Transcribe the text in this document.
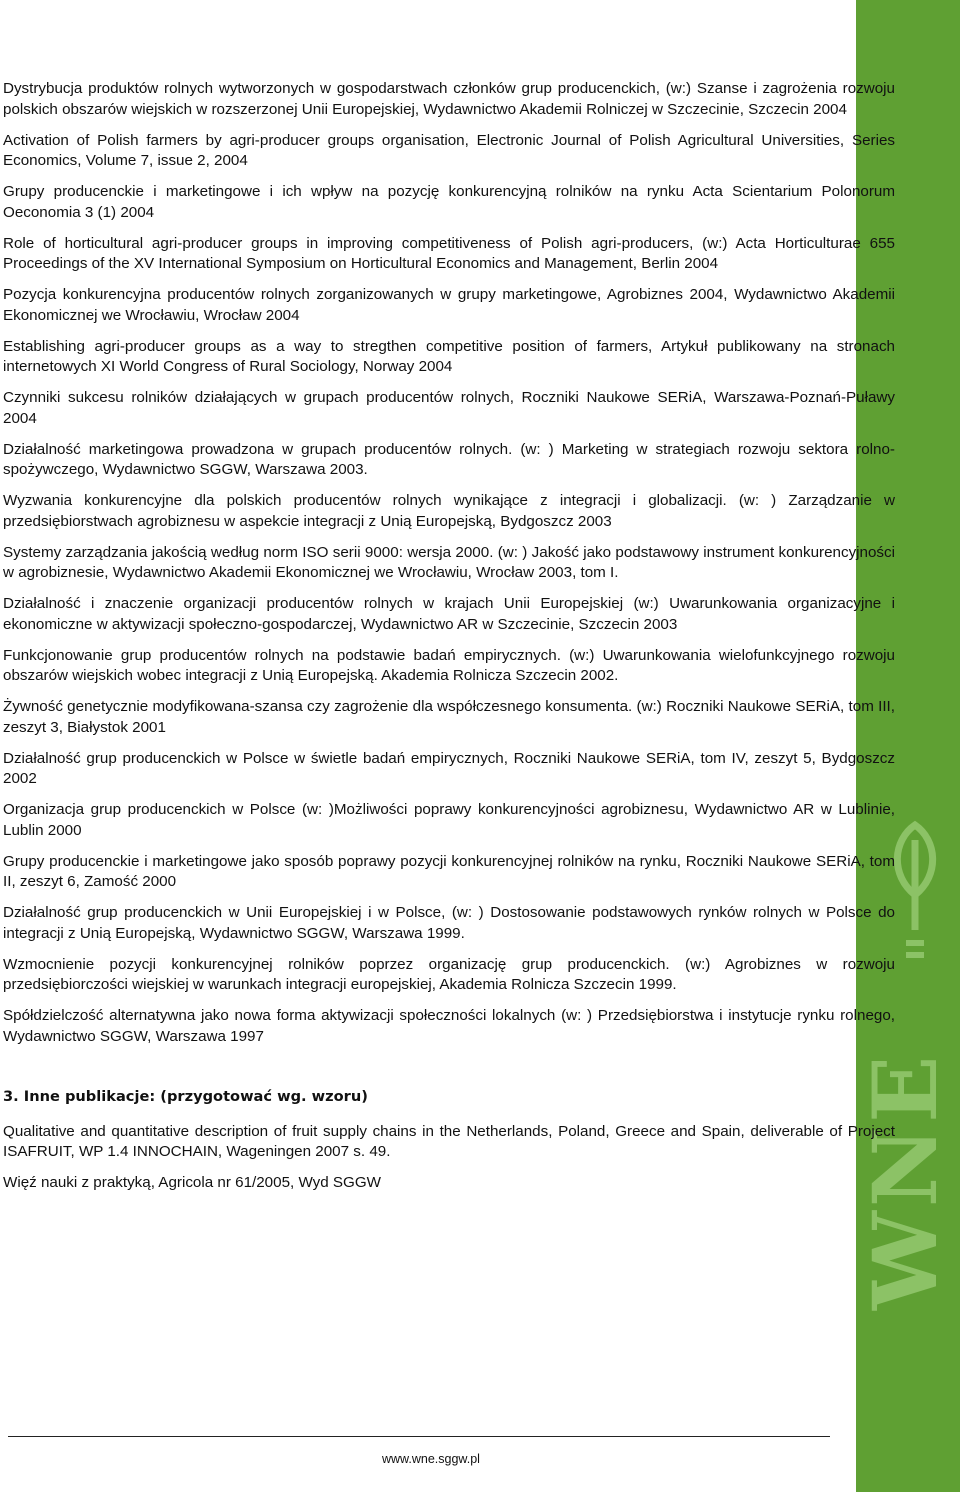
WNE

Dystrybucja produktów rolnych wytworzonych w gospodarstwach członków grup producenckich, (w:) Szanse i zagrożenia rozwoju polskich obszarów wiejskich w rozszerzonej Unii Europejskiej, Wydawnictwo Akademii Rolniczej w Szczecinie, Szczecin 2004

Activation of Polish farmers by agri-producer groups organisation, Electronic Journal of Polish Agricultural Universities, Series Economics, Volume 7, issue 2, 2004

Grupy producenckie i marketingowe i ich wpływ na pozycję konkurencyjną rolników na rynku Acta Scientarium Polonorum Oeconomia 3 (1) 2004

Role of horticultural agri-producer groups in improving competitiveness of Polish agri-producers, (w:) Acta Horticulturae 655 Proceedings of the XV International Symposium on Horticultural Economics and Management, Berlin 2004

Pozycja konkurencyjna producentów rolnych zorganizowanych w grupy marketingowe, Agrobiznes 2004, Wydawnictwo Akademii Ekonomicznej we Wrocławiu, Wrocław 2004

Establishing agri-producer groups as a way to stregthen competitive position of farmers, Artykuł publikowany na stronach internetowych XI World Congress of Rural Sociology, Norway 2004

Czynniki sukcesu rolników działających w grupach producentów rolnych, Roczniki Naukowe SERiA, Warszawa-Poznań-Puławy 2004

Działalność marketingowa prowadzona w grupach producentów rolnych. (w: ) Marketing w strategiach rozwoju sektora rolno-spożywczego, Wydawnictwo SGGW, Warszawa 2003.

Wyzwania konkurencyjne dla polskich producentów rolnych wynikające z integracji i globalizacji. (w: ) Zarządzanie w przedsiębiorstwach agrobiznesu w aspekcie integracji z Unią Europejską, Bydgoszcz 2003

Systemy zarządzania jakością według norm ISO serii 9000: wersja 2000. (w: ) Jakość jako podstawowy instrument konkurencyjności w agrobiznesie, Wydawnictwo Akademii Ekonomicznej we Wrocławiu, Wrocław 2003, tom I.

Działalność i znaczenie organizacji producentów rolnych w krajach Unii Europejskiej (w:) Uwarunkowania organizacyjne i ekonomiczne w aktywizacji społeczno-gospodarczej, Wydawnictwo AR w Szczecinie, Szczecin 2003

Funkcjonowanie grup producentów rolnych na podstawie badań empirycznych. (w:) Uwarunkowania wielofunkcyjnego rozwoju obszarów wiejskich wobec integracji z Unią Europejską. Akademia Rolnicza Szczecin 2002.

Żywność genetycznie modyfikowana-szansa czy zagrożenie dla współczesnego konsumenta. (w:) Roczniki Naukowe SERiA, tom III, zeszyt 3, Białystok 2001

Działalność grup producenckich w Polsce w świetle badań empirycznych, Roczniki Naukowe SERiA, tom IV, zeszyt 5, Bydgoszcz 2002

Organizacja grup producenckich w Polsce (w: )Możliwości poprawy konkurencyjności agrobiznesu, Wydawnictwo AR w Lublinie, Lublin 2000

Grupy producenckie i marketingowe jako sposób poprawy pozycji konkurencyjnej rolników na rynku, Roczniki Naukowe SERiA, tom II, zeszyt 6, Zamość 2000

Działalność grup producenckich w Unii Europejskiej i w Polsce, (w: ) Dostosowanie podstawowych rynków rolnych w Polsce do integracji z Unią Europejską, Wydawnictwo SGGW, Warszawa 1999.

Wzmocnienie pozycji konkurencyjnej rolników poprzez organizację grup producenckich. (w:) Agrobiznes w rozwoju przedsiębiorczości wiejskiej w warunkach integracji europejskiej, Akademia Rolnicza Szczecin 1999.

Spółdzielczość alternatywna jako nowa forma aktywizacji społeczności lokalnych (w: ) Przedsiębiorstwa i instytucje rynku rolnego, Wydawnictwo SGGW, Warszawa 1997

3. Inne publikacje: (przygotować wg. wzoru)

Qualitative and quantitative description of fruit supply chains in the Netherlands, Poland, Greece and Spain, deliverable of Project ISAFRUIT, WP 1.4 INNOCHAIN, Wageningen 2007 s. 49.

Więź nauki z praktyką, Agricola nr 61/2005, Wyd SGGW

www.wne.sggw.pl
